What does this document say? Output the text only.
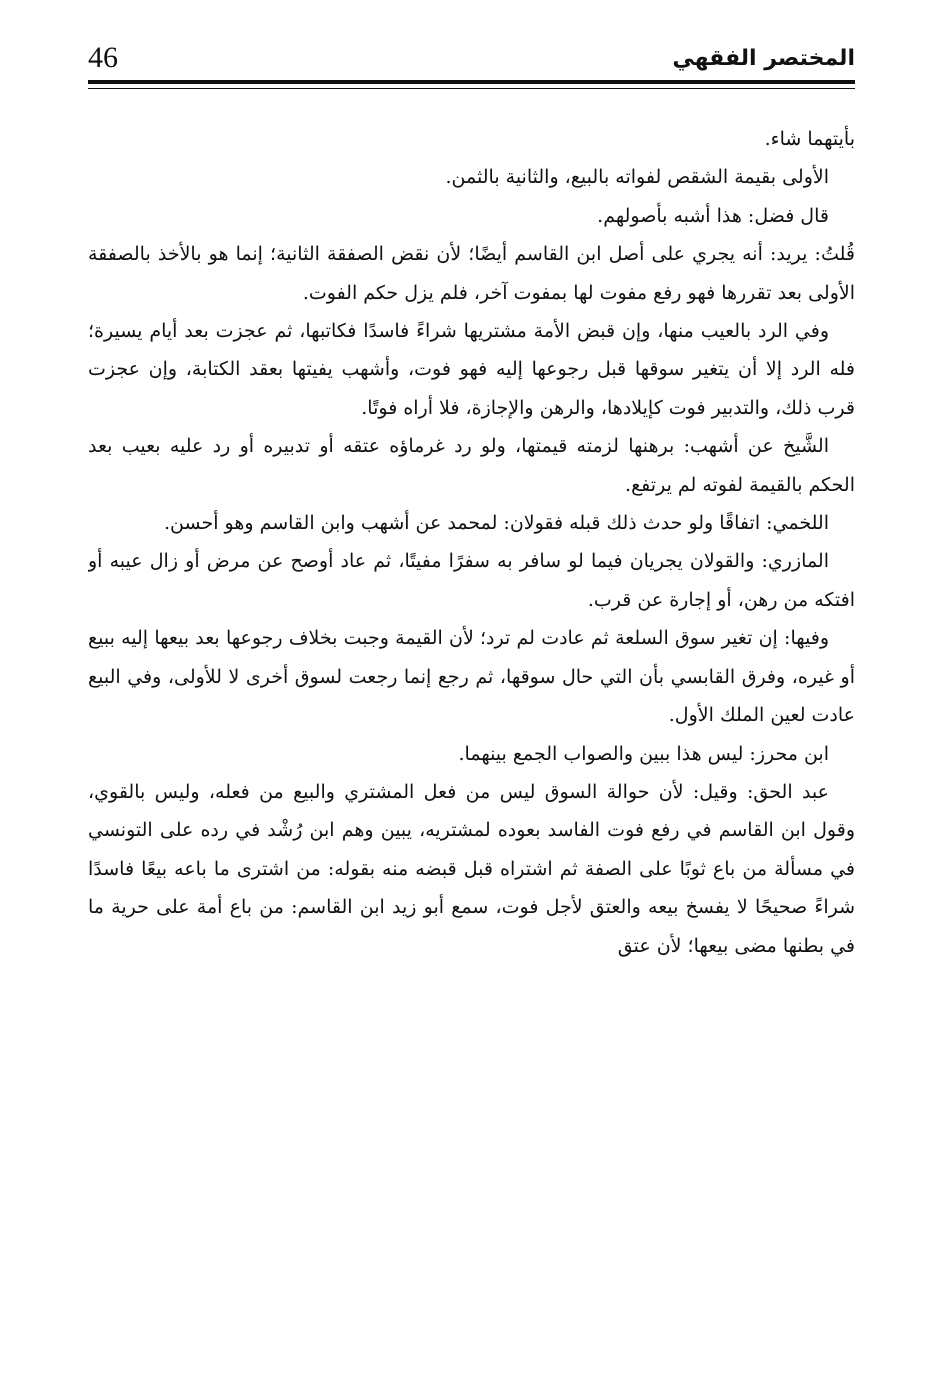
46	المختصر الفقهي

بأيتهما شاء.

الأولى بقيمة الشقص لفواته بالبيع، والثانية بالثمن.

قال فضل: هذا أشبه بأصولهم.

قُلتُ: يريد: أنه يجري على أصل ابن القاسم أيضًا؛ لأن نقض الصفقة الثانية؛ إنما هو بالأخذ بالصفقة الأولى بعد تقررها فهو رفع مفوت لها بمفوت آخر، فلم يزل حكم الفوت.

وفي الرد بالعيب منها، وإن قبض الأمة مشتريها شراءً فاسدًا فكاتبها، ثم عجزت بعد أيام يسيرة؛ فله الرد إلا أن يتغير سوقها قبل رجوعها إليه فهو فوت، وأشهب يفيتها بعقد الكتابة، وإن عجزت قرب ذلك، والتدبير فوت كإيلادها، والرهن والإجازة، فلا أراه فوتًا.

الشَّيخ عن أشهب: برهنها لزمته قيمتها، ولو رد غرماؤه عتقه أو تدبيره أو رد عليه بعيب بعد الحكم بالقيمة لفوته لم يرتفع.

اللخمي: اتفاقًا ولو حدث ذلك قبله فقولان: لمحمد عن أشهب وابن القاسم وهو أحسن.

المازري: والقولان يجريان فيما لو سافر به سفرًا مفيتًا، ثم عاد أوصح عن مرض أو زال عيبه أو افتكه من رهن، أو إجارة عن قرب.

وفيها: إن تغير سوق السلعة ثم عادت لم ترد؛ لأن القيمة وجبت بخلاف رجوعها بعد بيعها إليه ببيع أو غيره، وفرق القابسي بأن التي حال سوقها، ثم رجع إنما رجعت لسوق أخرى لا للأولى، وفي البيع عادت لعين الملك الأول.

ابن محرز: ليس هذا ببين والصواب الجمع بينهما.

عبد الحق: وقيل: لأن حوالة السوق ليس من فعل المشتري والبيع من فعله، وليس بالقوي، وقول ابن القاسم في رفع فوت الفاسد بعوده لمشتريه، يبين وهم ابن رُشْد في رده على التونسي في مسألة من باع ثوبًا على الصفة ثم اشتراه قبل قبضه منه بقوله: من اشترى ما باعه بيعًا فاسدًا شراءً صحيحًا لا يفسخ بيعه والعتق لأجل فوت، سمع أبو زيد ابن القاسم: من باع أمة على حرية ما في بطنها مضى بيعها؛ لأن عتق
